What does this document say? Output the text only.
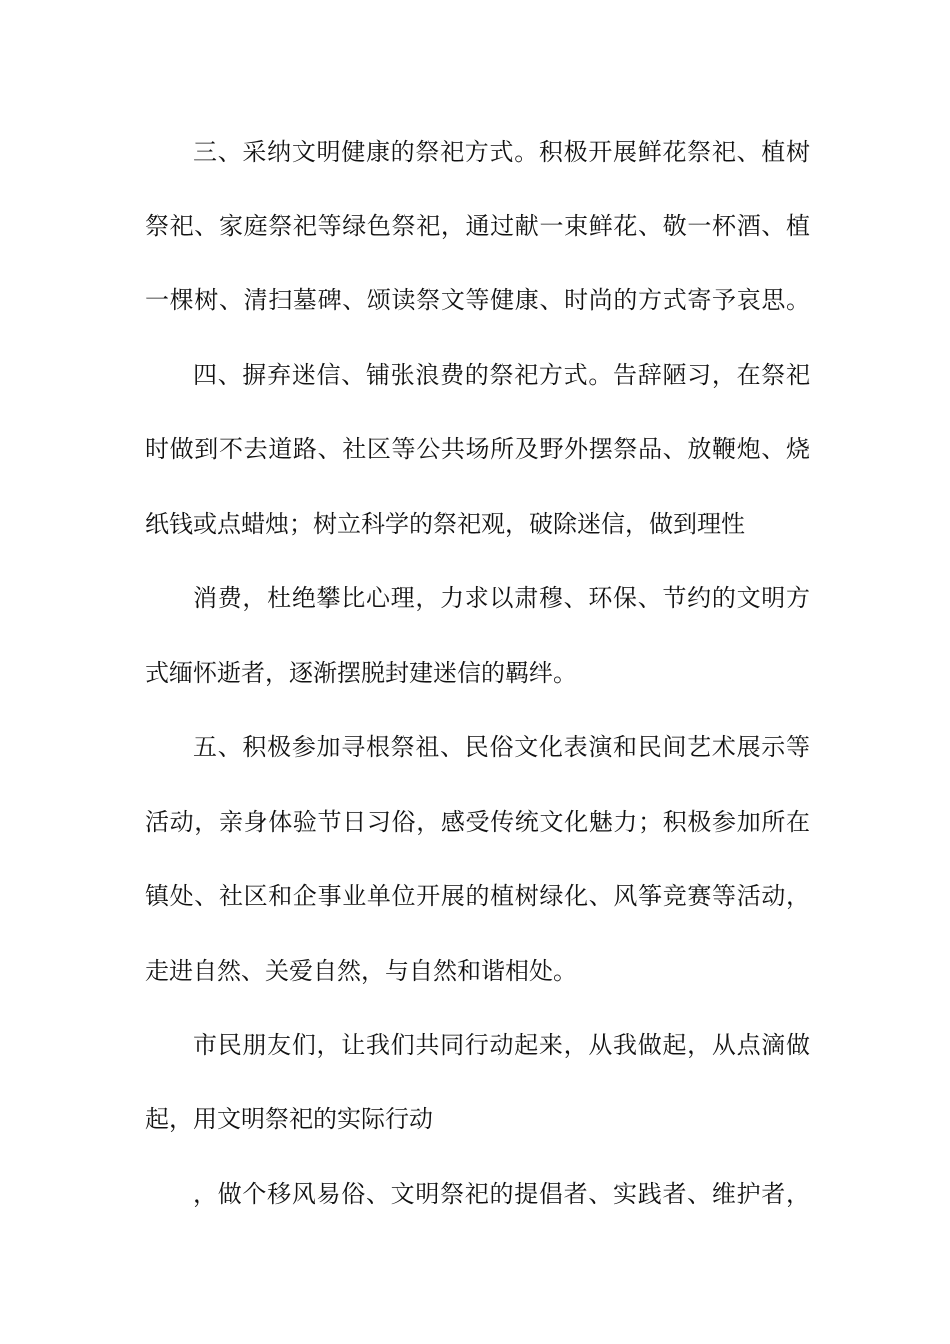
三、采纳文明健康的祭祀方式。积极开展鲜花祭祀、植树

祭祀、家庭祭祀等绿色祭祀，通过献一束鲜花、敬一杯酒、植

一棵树、清扫墓碑、颂读祭文等健康、时尚的方式寄予哀思。

四、摒弃迷信、铺张浪费的祭祀方式。告辞陋习，在祭祀

时做到不去道路、社区等公共场所及野外摆祭品、放鞭炮、烧

纸钱或点蜡烛；树立科学的祭祀观，破除迷信，做到理性

消费，杜绝攀比心理，力求以肃穆、环保、节约的文明方

式缅怀逝者，逐渐摆脱封建迷信的羁绊。

五、积极参加寻根祭祖、民俗文化表演和民间艺术展示等

活动，亲身体验节日习俗，感受传统文化魅力；积极参加所在

镇处、社区和企事业单位开展的植树绿化、风筝竞赛等活动，

走进自然、关爱自然，与自然和谐相处。

市民朋友们，让我们共同行动起来，从我做起，从点滴做

起，用文明祭祀的实际行动

，做个移风易俗、文明祭祀的提倡者、实践者、维护者，
